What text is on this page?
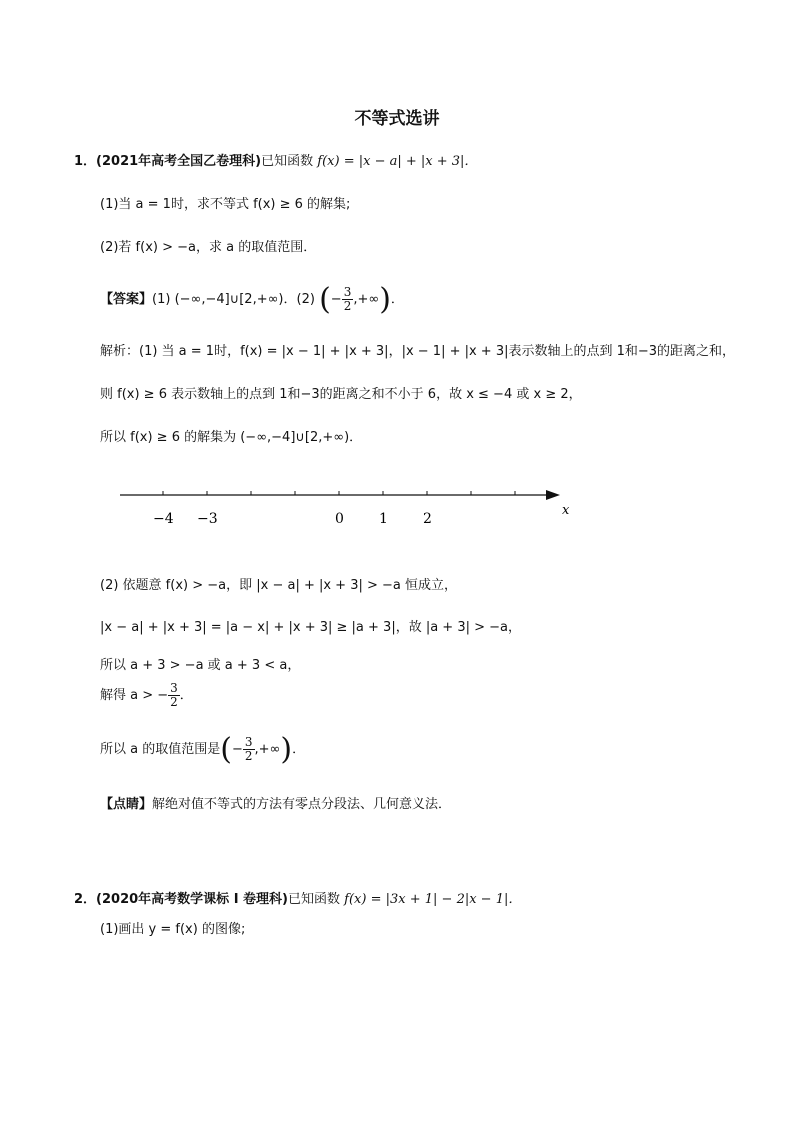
不等式选讲
1．(2021年高考全国乙卷理科)已知函数 f(x) = |x − a| + |x + 3|．
(1)当 a = 1时，求不等式 f(x) ≥ 6 的解集;
(2)若 f(x) > −a，求 a 的取值范围．
【答案】(1) (−∞,−4]∪[2,+∞)．(2) (− $\frac{3}{2}$ ,+∞)．
解析：(1) 当 a = 1时，f(x) = |x − 1| + |x + 3|，|x − 1| + |x + 3|表示数轴上的点到 1和−3的距离之和，
则 f(x) ≥ 6 表示数轴上的点到 1和−3的距离之和不小于 6，故 x ≤ −4 或 x ≥ 2，
所以 f(x) ≥ 6 的解集为 (−∞,−4]∪[2,+∞)．
−4 −3	0	1	2
x
(2) 依题意 f(x) > −a，即 |x − a| + |x + 3| > −a 恒成立，
|x − a| + |x + 3| = |a − x| + |x + 3| ≥ |a + 3|，故 |a + 3| > −a，
所以 a + 3 > −a 或 a + 3 < a，
解得 a > − $\frac{3}{2}$ ．
所以 a 的取值范围是(− $\frac{3}{2}$ ,+∞)．
【点睛】解绝对值不等式的方法有零点分段法、几何意义法．
2．(2020年高考数学课标 Ⅰ 卷理科)已知函数 f(x) = |3x + 1| − 2|x − 1|．
(1)画出 y = f(x) 的图像;
